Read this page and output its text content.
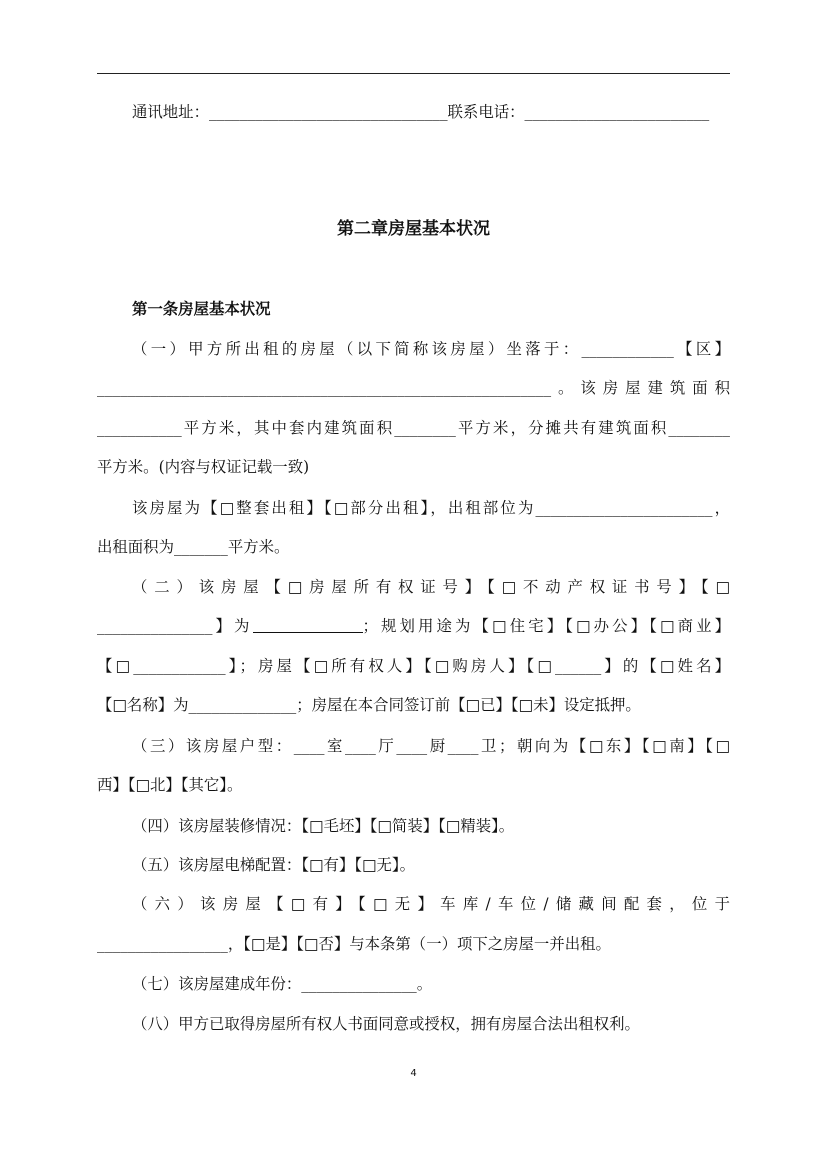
通讯地址：_______________________________联系电话：________________________
第二章房屋基本状况
第一条房屋基本状况
（一）甲方所出租的房屋（以下简称该房屋）坐落于：____________【区】
___________________________________________________________。该房屋建筑面积
___________平方米，其中套内建筑面积________平方米，分摊共有建筑面积________
平方米。(内容与权证记载一致)
该房屋为【□整套出租】【□部分出租】，出租部位为_______________________，
出租面积为_______平方米。
（二）该房屋【□房屋所有权证号】【□不动产权证书号】【□
_______________】为	；规划用途为【□住宅】【□办公】【□商业】
【□____________】；房屋【□所有权人】【□购房人】【□______】的【□姓名】
【□名称】为______________；房屋在本合同签订前【□已】【□未】设定抵押。
（三）该房屋户型：____室____厅____厨____卫；朝向为【□东】【□南】【□
西】【□北】【其它】。
（四）该房屋装修情况：【□毛坯】【□简装】【□精装】。
（五）该房屋电梯配置：【□有】【□无】。
（六）该房屋【□有】【□无】车库/车位/储藏间配套，位于
_________________，【□是】【□否】与本条第（一）项下之房屋一并出租。
（七）该房屋建成年份：_______________。
（八）甲方已取得房屋所有权人书面同意或授权，拥有房屋合法出租权利。
4
